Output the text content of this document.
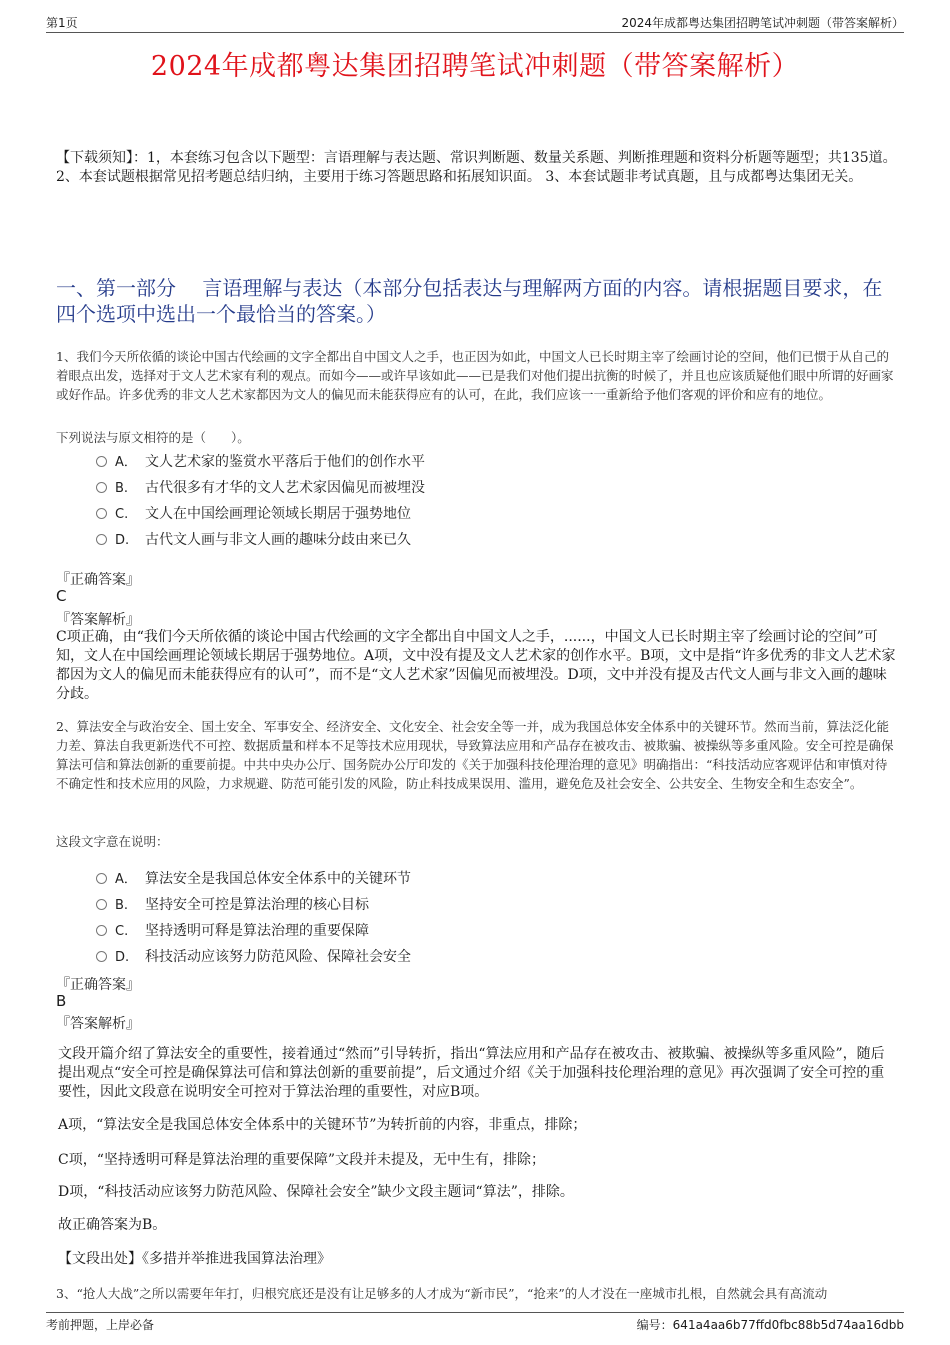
第1页	2024年成都粤达集团招聘笔试冲刺题（带答案解析）
2024年成都粤达集团招聘笔试冲刺题（带答案解析）
【下载须知】：1，本套练习包含以下题型：言语理解与表达题、常识判断题、数量关系题、判断推理题和资料分析题等题型；共135道。 2、本套试题根据常见招考题总结归纳，主要用于练习答题思路和拓展知识面。 3、本套试题非考试真题，且与成都粤达集团无关。
一、第一部分　 言语理解与表达（本部分包括表达与理解两方面的内容。请根据题目要求，在四个选项中选出一个最恰当的答案。）
1、我们今天所依循的谈论中国古代绘画的文字全都出自中国文人之手，也正因为如此，中国文人已长时期主宰了绘画讨论的空间，他们已惯于从自己的着眼点出发，选择对于文人艺术家有利的观点。而如今——或许早该如此——已是我们对他们提出抗衡的时候了，并且也应该质疑他们眼中所谓的好画家或好作品。许多优秀的非文人艺术家都因为文人的偏见而未能获得应有的认可，在此，我们应该一一重新给予他们客观的评价和应有的地位。
下列说法与原文相符的是（　　）。
A． 文人艺术家的鉴赏水平落后于他们的创作水平
B. 古代很多有才华的文人艺术家因偏见而被埋没
C. 文人在中国绘画理论领域长期居于强势地位
D. 古代文人画与非文人画的趣味分歧由来已久
『正确答案』
C
『答案解析』
C项正确，由“我们今天所依循的谈论中国古代绘画的文字全都出自中国文人之手，......，中国文人已长时期主宰了绘画讨论的空间”可知，文人在中国绘画理论领域长期居于强势地位。A项，文中没有提及文人艺术家的创作水平。B项，文中是指“许多优秀的非文人艺术家都因为文人的偏见而未能获得应有的认可”，而不是“文人艺术家”因偏见而被埋没。D项，文中并没有提及古代文人画与非文入画的趣味分歧。
2、算法安全与政治安全、国土安全、军事安全、经济安全、文化安全、社会安全等一并，成为我国总体安全体系中的关键环节。然而当前，算法泛化能力差、算法自我更新迭代不可控、数据质量和样本不足等技术应用现状，导致算法应用和产品存在被攻击、被欺骗、被操纵等多重风险。安全可控是确保算法可信和算法创新的重要前提。中共中央办公厅、国务院办公厅印发的《关于加强科技伦理治理的意见》明确指出：“科技活动应客观评估和审慎对待不确定性和技术应用的风险，力求规避、防范可能引发的风险，防止科技成果误用、滥用，避免危及社会安全、公共安全、生物安全和生态安全”。
这段文字意在说明：
A． 算法安全是我国总体安全体系中的关键环节
B. 坚持安全可控是算法治理的核心目标
C. 坚持透明可释是算法治理的重要保障
D. 科技活动应该努力防范风险、保障社会安全
『正确答案』
B
『答案解析』
文段开篇介绍了算法安全的重要性，接着通过“然而”引导转折，指出“算法应用和产品存在被攻击、被欺骗、被操纵等多重风险”，随后提出观点“安全可控是确保算法可信和算法创新的重要前提”，后文通过介绍《关于加强科技伦理治理的意见》再次强调了安全可控的重要性，因此文段意在说明安全可控对于算法治理的重要性，对应B项。
A项，“算法安全是我国总体安全体系中的关键环节”为转折前的内容，非重点，排除；
C项，“坚持透明可释是算法治理的重要保障”文段并未提及，无中生有，排除；
D项，“科技活动应该努力防范风险、保障社会安全”缺少文段主题词“算法”，排除。
故正确答案为B。
【文段出处】《多措并举推进我国算法治理》
3、“抢人大战”之所以需要年年打，归根究底还是没有让足够多的人才成为“新市民”，“抢来”的人才没在一座城市扎根，自然就会具有高流动
考前押题，上岸必备	编号：641a4aa6b77ffd0fbc88b5d74aa16dbb
